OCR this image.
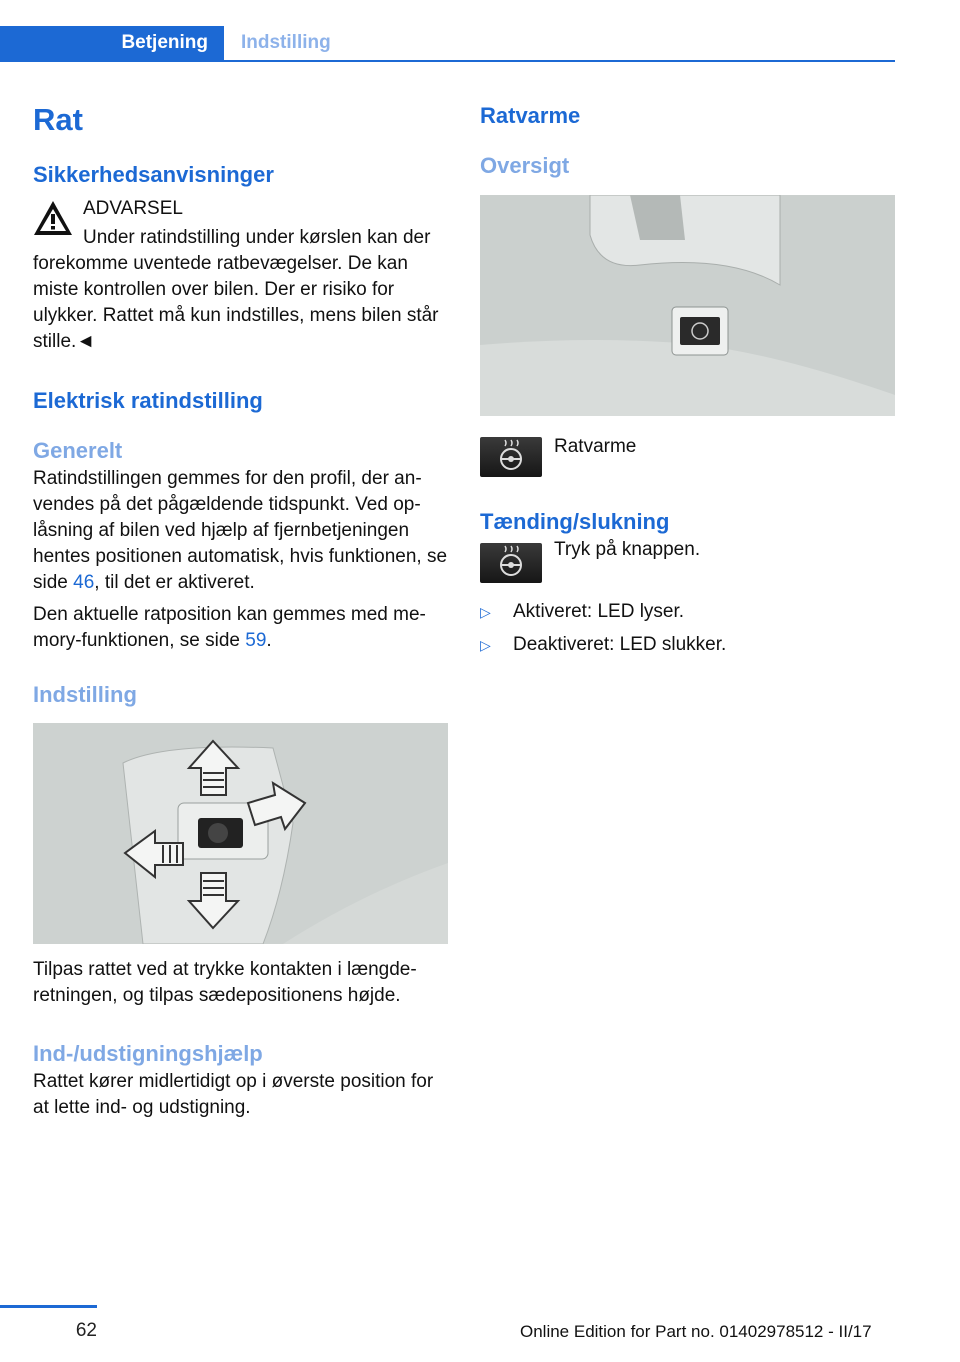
Betjening	Indstilling
Rat
Sikkerhedsanvisninger

ADVARSEL

Under ratindstilling under kørslen kan der

forekomme uventede ratbevægelser. De kan miste kontrollen over bilen. Der er risiko for ulykker. Rattet må kun indstilles, mens bilen står stille.◄

Elektrisk ratindstilling
Generelt

Ratindstillingen gemmes for den profil, der anvendes på det pågældende tidspunkt. Ved oplåsning af bilen ved hjælp af fjernbetjeningen hentes positionen automatisk, hvis funktionen, se side 46, til det er aktiveret.

Den aktuelle ratposition kan gemmes med memory-funktionen, se side 59.

Indstilling

Tilpas rattet ved at trykke kontakten i længderetningen, og tilpas sædepositionens højde.

Ind-/udstigningshjælp

Rattet kører midlertidigt op i øverste position for at lette ind- og udstigning.

Ratvarme
Oversigt

Ratvarme

Tænding/slukning

Tryk på knappen.

▷	Aktiveret: LED lyser.
▷	Deaktiveret: LED slukker.
62	Online Edition for Part no. 01402978512 - II/17
